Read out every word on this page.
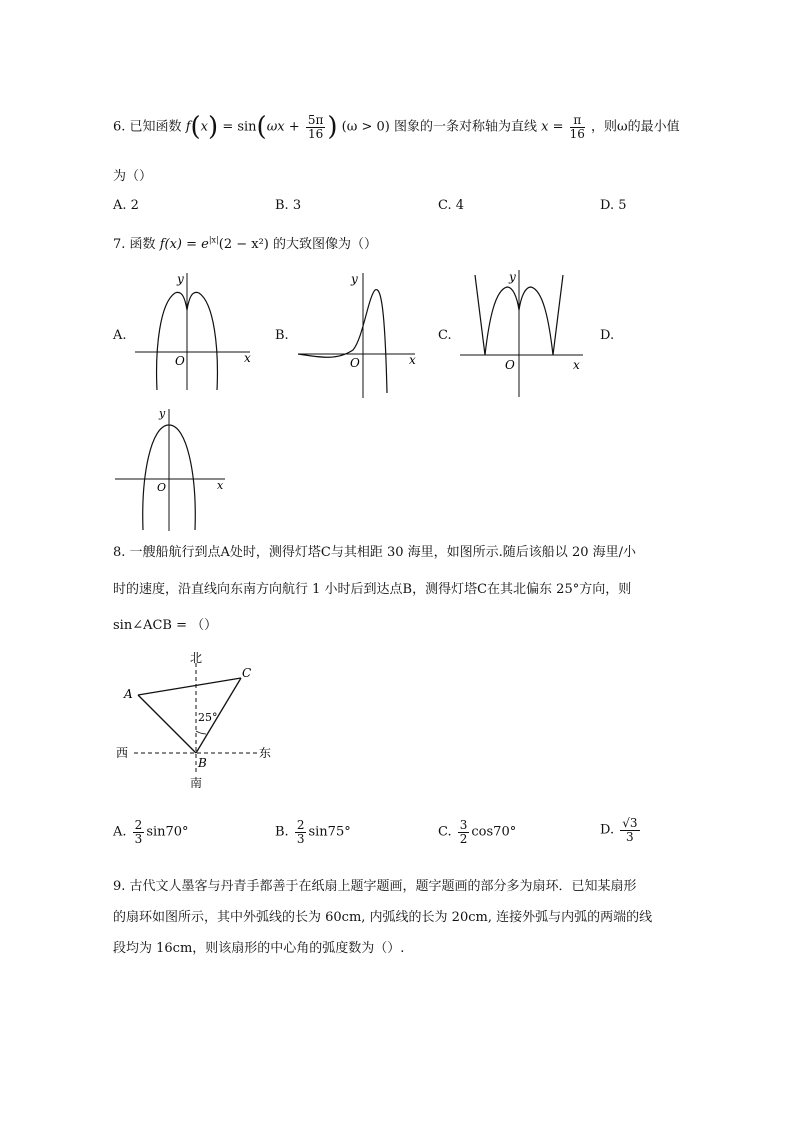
6. 已知函数 $f(x) = \sin(\omega x + \frac{5\pi}{16}$ ) (ω > 0) 图象的一条对称轴为直线 $x = \frac{\pi}{16}$ ，则ω的最小值
为（）
A. 2	B. 3	C. 4	D. 5
7. 函数 $f(x) = e^{|x|}(2 - x^2)$ 的大致图像为（）
A.	B.	C.	D.
y
x
O
y
x
O
y
x
O
y
x
O
8. 一艘船航行到点A处时，测得灯塔C与其相距 30 海里，如图所示.随后该船以 20 海里/小
时的速度，沿直线向东南方向航行 1 小时后到达点B，测得灯塔C在其北偏东 25°方向，则
sin∠ACB = （）
北
南
西	东
A
B
C
25°
A. $\frac{2}{3} \sin 70^\circ$	B. $\frac{2}{3} \sin 75^\circ$	C. $\frac{3}{2} \cos 70^\circ$	D. $\frac{√3}{3}$
9. 古代文人墨客与丹青手都善于在纸扇上题字题画，题字题画的部分多为扇环．已知某扇形
的扇环如图所示，其中外弧线的长为 60cm, 内弧线的长为 20cm, 连接外弧与内弧的两端的线
段均为 16cm，则该扇形的中心角的弧度数为（）.
